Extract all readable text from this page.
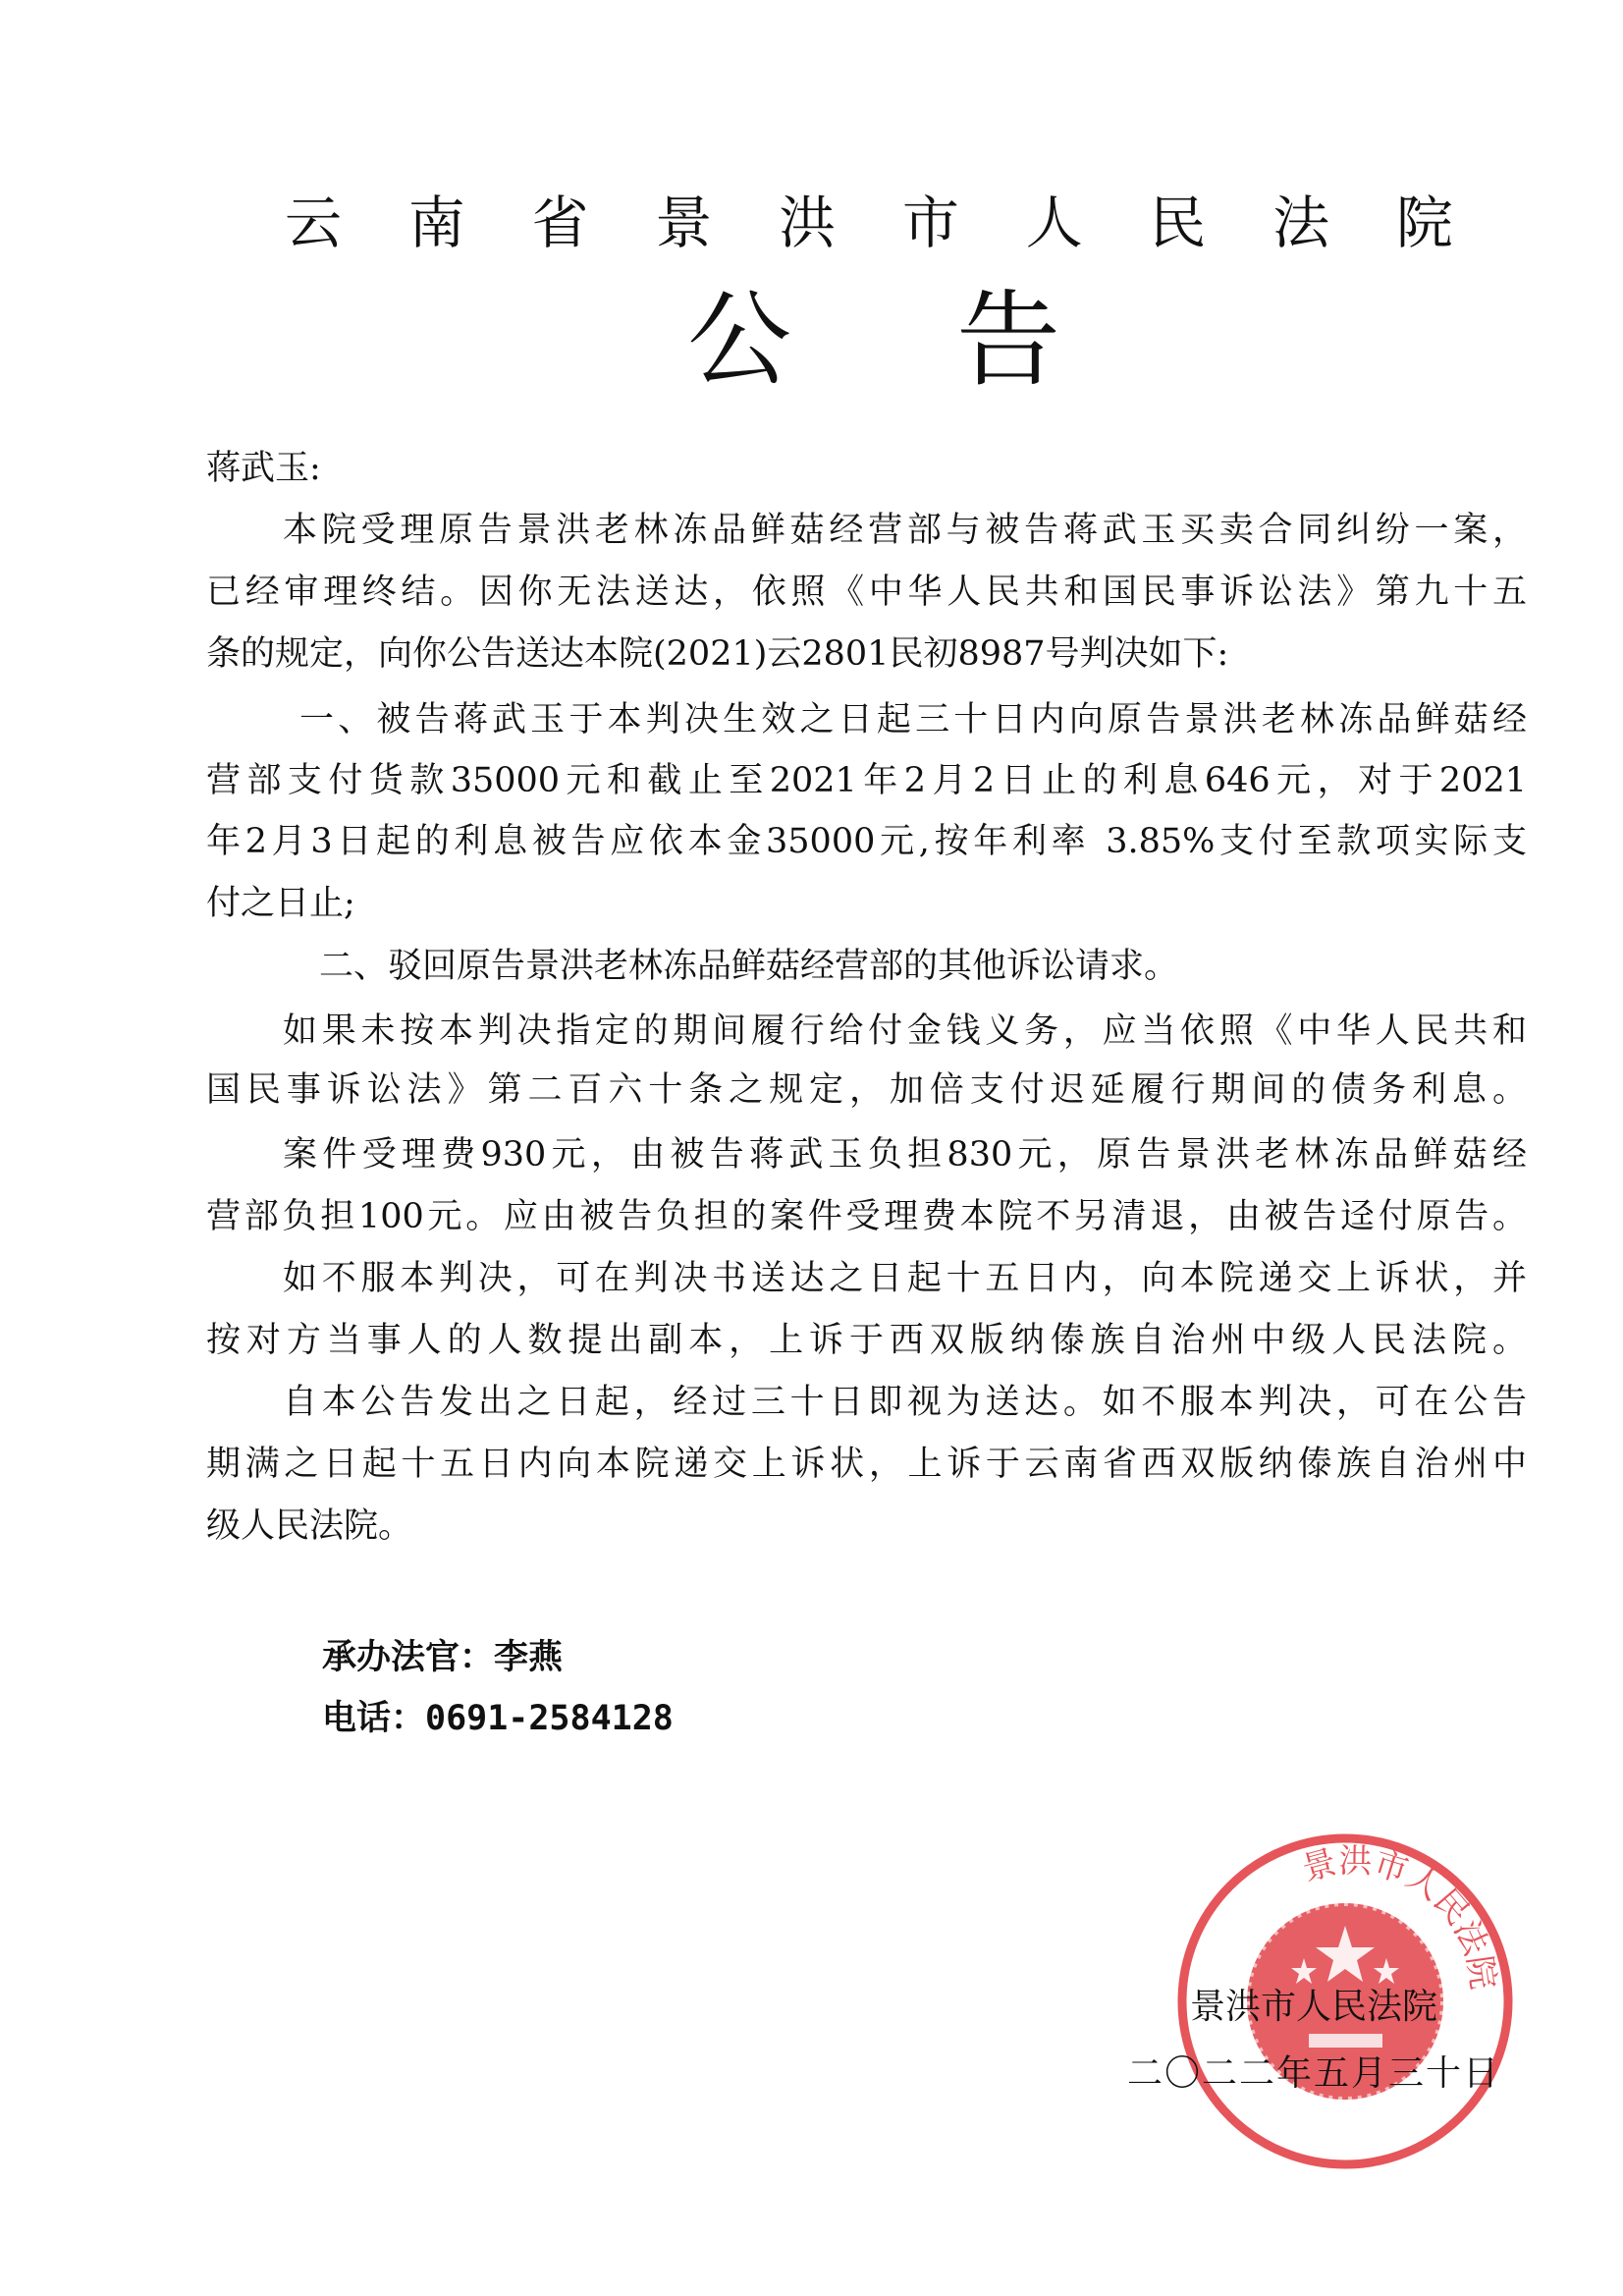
云 南 省 景 洪 市 人 民 法 院
公 告
蒋武玉:
本院受理原告景洪老林冻品鲜菇经营部与被告蒋武玉买卖合同纠纷一案，
已经审理终结。因你无法送达，依照《中华人民共和国民事诉讼法》第九十五
条的规定，向你公告送达本院(2021)云2801民初8987号判决如下:
一、被告蒋武玉于本判决生效之日起三十日内向原告景洪老林冻品鲜菇经
营部支付货款35000元和截止至2021年2月2日止的利息646元，对于2021
年2月3日起的利息被告应依本金35000元,按年利率 3.85%支付至款项实际支
付之日止;
二、驳回原告景洪老林冻品鲜菇经营部的其他诉讼请求。
如果未按本判决指定的期间履行给付金钱义务，应当依照《中华人民共和
国民事诉讼法》第二百六十条之规定，加倍支付迟延履行期间的债务利息。
案件受理费930元，由被告蒋武玉负担830元，原告景洪老林冻品鲜菇经
营部负担100元。应由被告负担的案件受理费本院不另清退，由被告迳付原告。
如不服本判决，可在判决书送达之日起十五日内，向本院递交上诉状，并
按对方当事人的人数提出副本，上诉于西双版纳傣族自治州中级人民法院。
自本公告发出之日起，经过三十日即视为送达。如不服本判决，可在公告
期满之日起十五日内向本院递交上诉状，上诉于云南省西双版纳傣族自治州中
级人民法院。
承办法官：李燕
电话：0691-2584128
景洪市人民法院
景洪市人民法院
二〇二二年五月三十日
